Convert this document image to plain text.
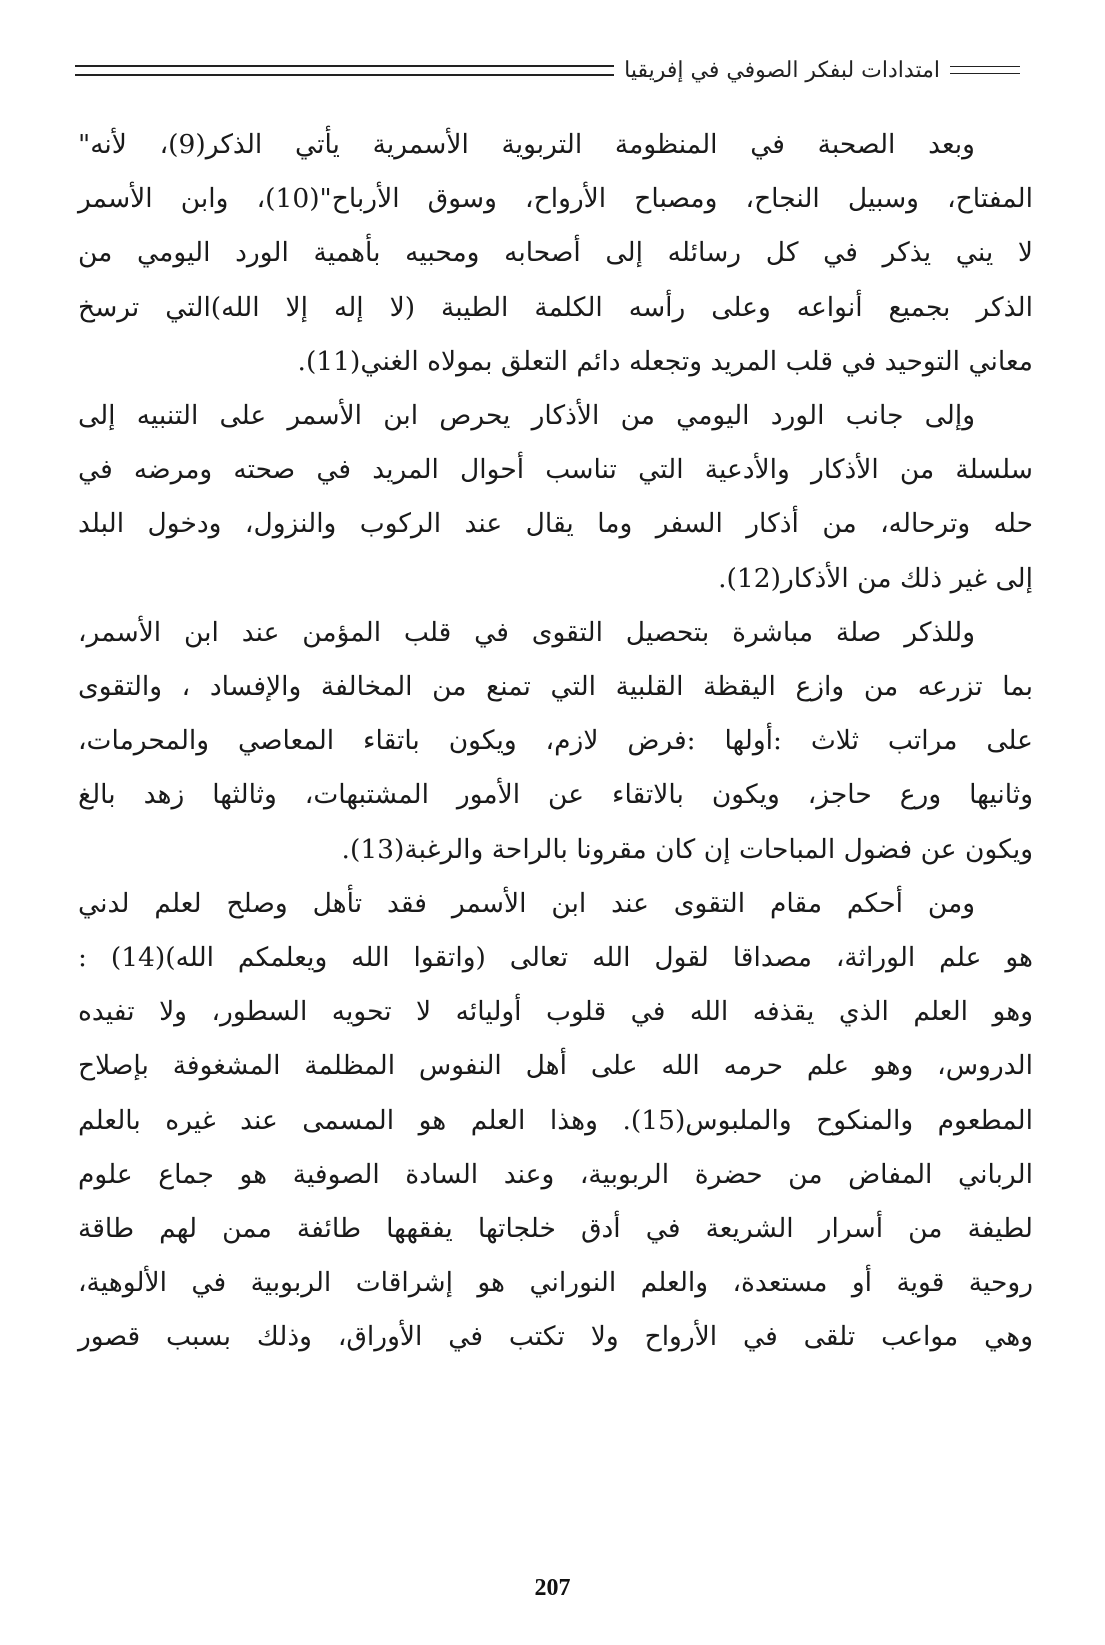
امتدادات لبفكر الصوفي في إفريقيا

وبعد الصحبة في المنظومة التربوية الأسمرية يأتي الذكر(9)، لأنه"
المفتاح، وسبيل النجاح، ومصباح الأرواح، وسوق الأرباح"(10)، وابن الأسمر
لا يني يذكر في كل رسائله إلى أصحابه ومحبيه بأهمية الورد اليومي من
الذكر بجميع أنواعه وعلى رأسه الكلمة الطيبة (لا إله إلا الله)التي ترسخ
معاني التوحيد في قلب المريد وتجعله دائم التعلق بمولاه الغني(11).

وإلى جانب الورد اليومي من الأذكار يحرص ابن الأسمر على التنبيه إلى
سلسلة من الأذكار والأدعية التي تناسب أحوال المريد في صحته ومرضه في
حله وترحاله، من أذكار السفر وما يقال عند الركوب والنزول، ودخول البلد
إلى غير ذلك من الأذكار(12).

وللذكر صلة مباشرة بتحصيل التقوى في قلب المؤمن عند ابن الأسمر،
بما تزرعه من وازع اليقظة القلبية التي تمنع من المخالفة والإفساد ، والتقوى
على مراتب ثلاث :أولها :فرض لازم، ويكون باتقاء المعاصي والمحرمات،
وثانيها ورع حاجز، ويكون بالاتقاء عن الأمور المشتبهات، وثالثها زهد بالغ
ويكون عن فضول المباحات إن كان مقرونا بالراحة والرغبة(13).

ومن أحكم مقام التقوى عند ابن الأسمر فقد تأهل وصلح لعلم لدني
هو علم الوراثة، مصداقا لقول الله تعالى (واتقوا الله ويعلمكم الله)(14) :
وهو العلم الذي يقذفه الله في قلوب أوليائه لا تحويه السطور، ولا تفيده
الدروس، وهو علم حرمه الله على أهل النفوس المظلمة المشغوفة بإصلاح
المطعوم والمنكوح والملبوس(15). وهذا العلم هو المسمى عند غيره بالعلم
الرباني المفاض من حضرة الربوبية، وعند السادة الصوفية هو جماع علوم
لطيفة من أسرار الشريعة في أدق خلجاتها يفقهها طائفة ممن لهم طاقة
روحية قوية أو مستعدة، والعلم النوراني هو إشراقات الربوبية في الألوهية،
وهي مواعب تلقى في الأرواح ولا تكتب في الأوراق، وذلك بسبب قصور

207
